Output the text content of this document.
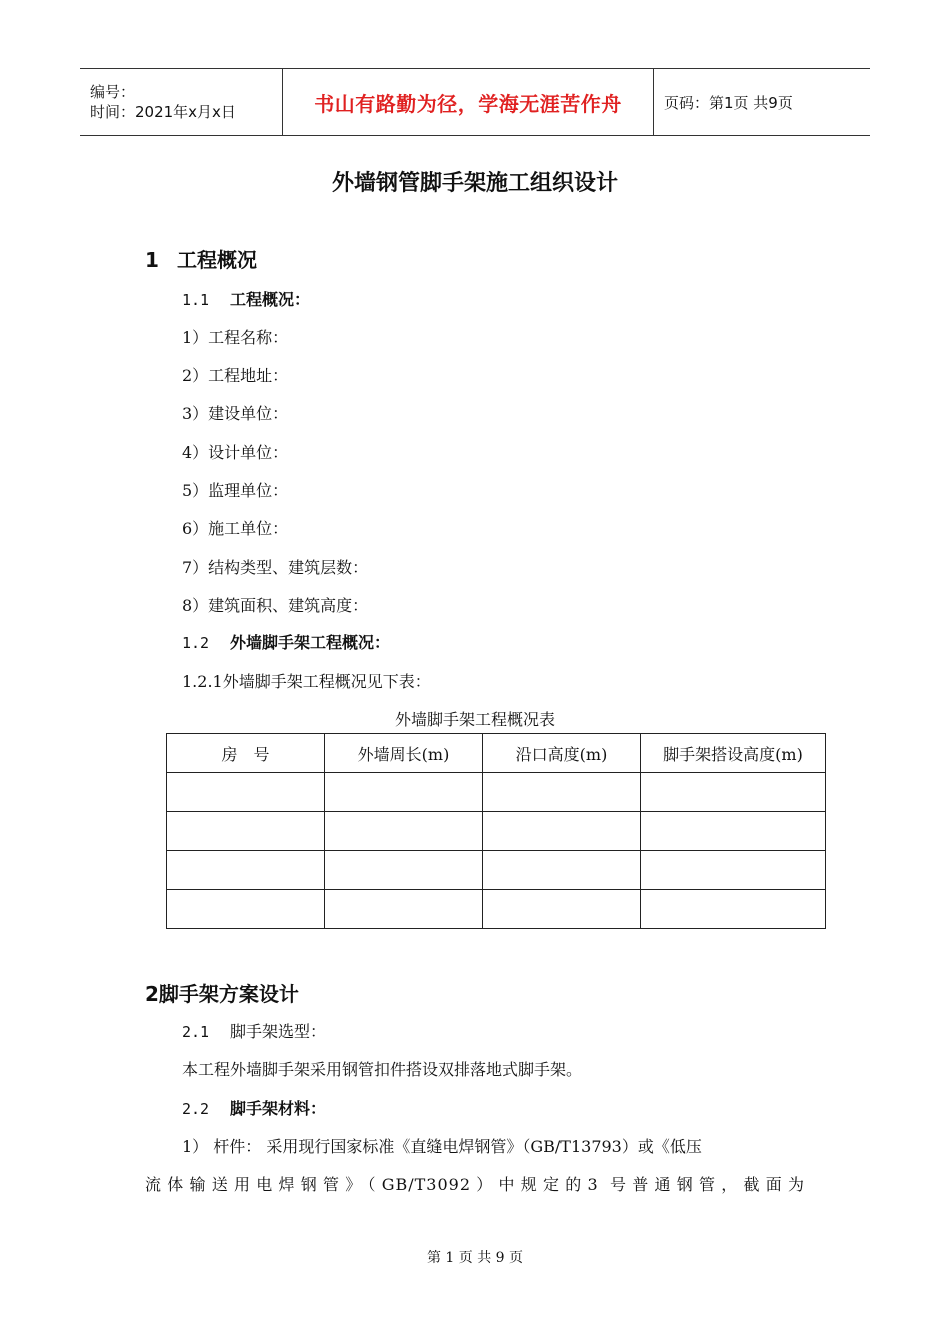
编号：
时间：2021年x月x日	书山有路勤为径，学海无涯苦作舟	页码：第1页 共9页
外墙钢管脚手架施工组织设计
1 工程概况
1.1 工程概况：
1）工程名称：
2）工程地址：
3）建设单位：
4）设计单位：
5）监理单位：
6）施工单位：
7）结构类型、建筑层数：
8）建筑面积、建筑高度：
1.2 外墙脚手架工程概况：
1.2.1外墙脚手架工程概况见下表：
外墙脚手架工程概况表
房　号	外墙周长(m)	沿口高度(m)	脚手架搭设高度(m)

2脚手架方案设计
2.1 脚手架选型：
本工程外墙脚手架采用钢管扣件搭设双排落地式脚手架。
2.2 脚手架材料：
1） 杆件： 采用现行国家标准《直缝电焊钢管》（GB/T13793）或《低压
流体输送用电焊钢管》（GB/T3092）中规定的3 号普通钢管，截面为
第 1 页 共 9 页
